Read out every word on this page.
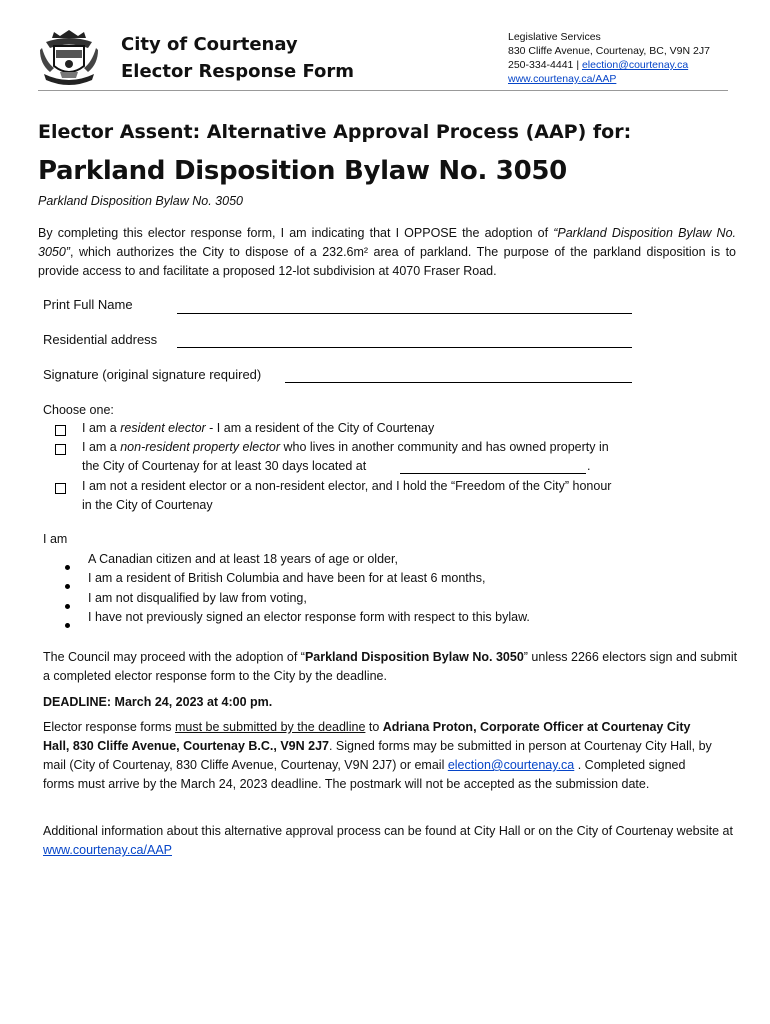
City of Courtenay
Elector Response Form
Legislative Services
830 Cliffe Avenue, Courtenay, BC, V9N 2J7
250-334-4441 | election@courtenay.ca
www.courtenay.ca/AAP
Elector Assent: Alternative Approval Process (AAP) for:
Parkland Disposition Bylaw No. 3050
Parkland Disposition Bylaw No. 3050
By completing this elector response form, I am indicating that I OPPOSE the adoption of “Parkland Disposition Bylaw No. 3050”, which authorizes the City to dispose of a 232.6m² area of parkland. The purpose of the parkland disposition is to provide access to and facilitate a proposed 12-lot subdivision at 4070 Fraser Road.
Print Full Name
Residential address
Signature (original signature required)
Choose one:
I am a resident elector - I am a resident of the City of Courtenay
I am a non-resident property elector who lives in another community and has owned property in
the City of Courtenay for at least 30 days located at	.
I am not a resident elector or a non-resident elector, and I hold the “Freedom of the City” honour
in the City of Courtenay
I am
A Canadian citizen and at least 18 years of age or older,
I am a resident of British Columbia and have been for at least 6 months,
I am not disqualified by law from voting,
I have not previously signed an elector response form with respect to this bylaw.
The Council may proceed with the adoption of “Parkland Disposition Bylaw No. 3050” unless 2266 electors sign and submit a completed elector response form to the City by the deadline.
DEADLINE: March 24, 2023 at 4:00 pm.
Elector response forms must be submitted by the deadline to Adriana Proton, Corporate Officer at Courtenay City Hall, 830 Cliffe Avenue, Courtenay B.C., V9N 2J7. Signed forms may be submitted in person at Courtenay City Hall, by mail (City of Courtenay, 830 Cliffe Avenue, Courtenay, V9N 2J7) or email election@courtenay.ca . Completed signed forms must arrive by the March 24, 2023 deadline. The postmark will not be accepted as the submission date.
Additional information about this alternative approval process can be found at City Hall or on the City of Courtenay website at www.courtenay.ca/AAP
